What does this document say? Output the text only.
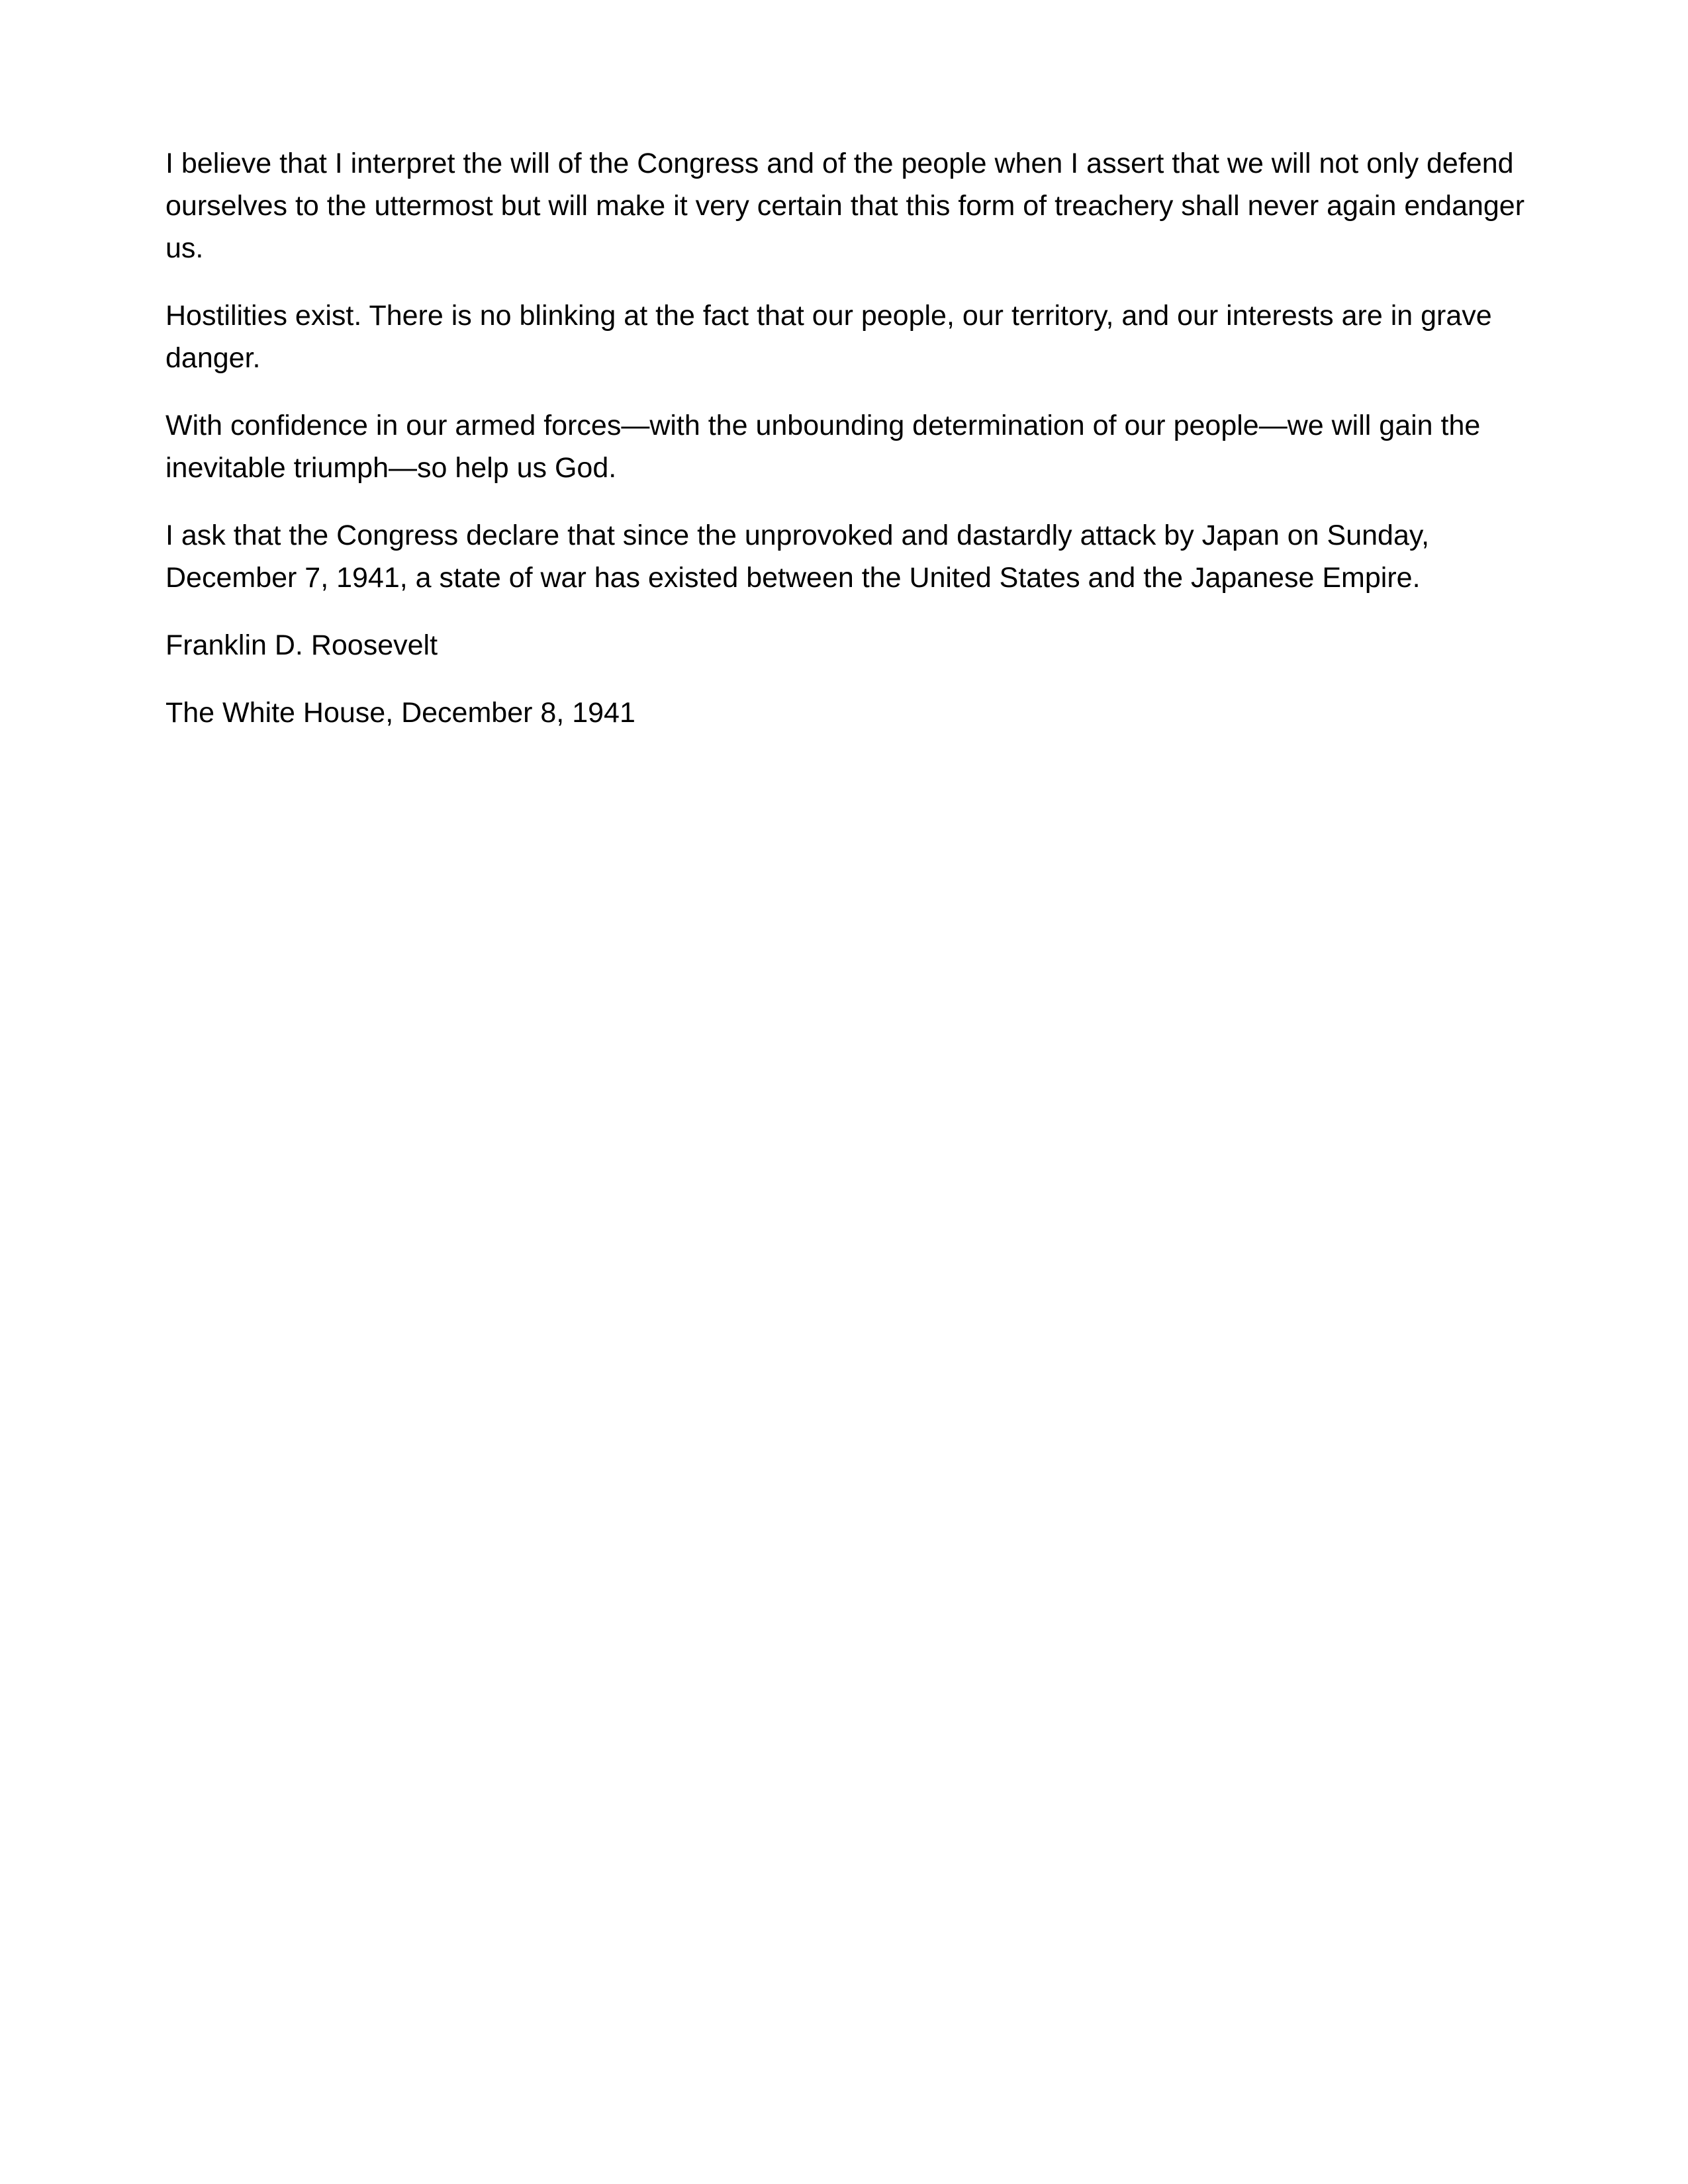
I believe that I interpret the will of the Congress and of the people when I assert that we will not only defend ourselves to the uttermost but will make it very certain that this form of treachery shall never again endanger us.

Hostilities exist. There is no blinking at the fact that our people, our territory, and our interests are in grave danger.

With confidence in our armed forces—with the unbounding determination of our people—we will gain the inevitable triumph—so help us God.

I ask that the Congress declare that since the unprovoked and dastardly attack by Japan on Sunday, December 7, 1941, a state of war has existed between the United States and the Japanese Empire.

Franklin D. Roosevelt

The White House, December 8, 1941
